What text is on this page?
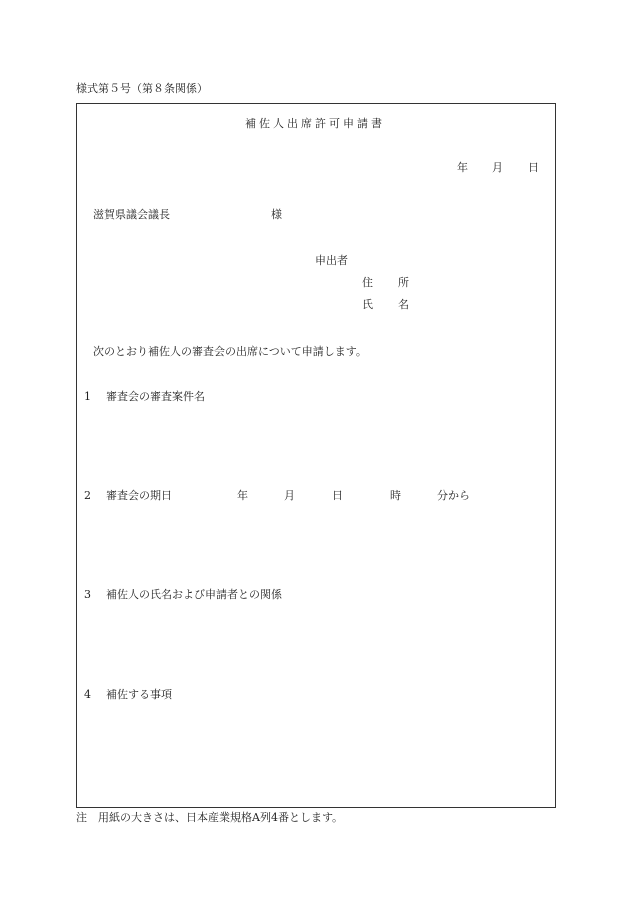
様式第５号（第８条関係）
補佐人出席許可申請書
年 月 日
滋賀県議会議長	様
申出者
住 所
氏 名
次のとおり補佐人の審査会の出席について申請します。
1 審査会の審査案件名
2 審査会の期日	年	月	日	時	分から
3 補佐人の氏名および申請者との関係
4 補佐する事項
注　用紙の大きさは、日本産業規格A列4番とします。
